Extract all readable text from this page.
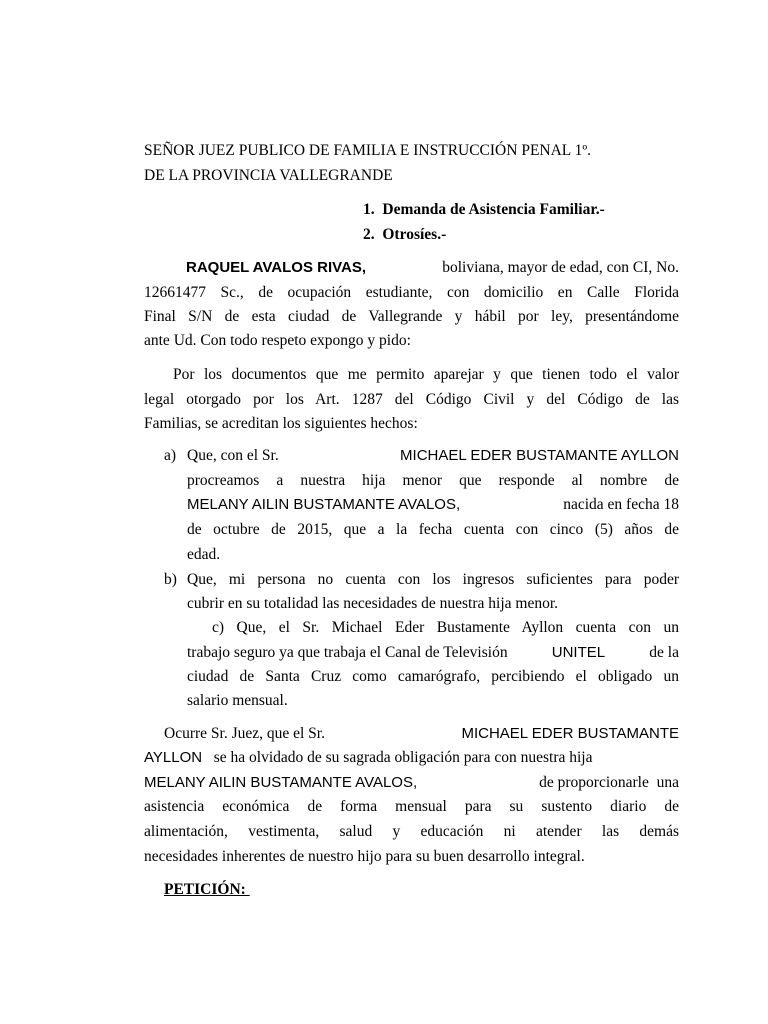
SEÑOR JUEZ PUBLICO DE FAMILIA E INSTRUCCIÓN PENAL 1º.
DE LA PROVINCIA VALLEGRANDE
1. Demanda de Asistencia Familiar.-
2. Otrosíes.-
RAQUEL AVALOS RIVAS,	boliviana, mayor de edad, con CI, No.
12661477 Sc., de ocupación estudiante, con domicilio en Calle Florida
Final S/N de esta ciudad de Vallegrande y hábil por ley, presentándome
ante Ud. Con todo respeto expongo y pido:
Por los documentos que me permito aparejar y que tienen todo el valor
legal otorgado por los Art. 1287 del Código Civil y del Código de las
Familias, se acreditan los siguientes hechos:
a) Que, con el Sr.	MICHAEL EDER BUSTAMANTE AYLLON
procreamos a nuestra hija menor que responde al nombre de
MELANY AILIN BUSTAMANTE AVALOS,	nacida en fecha 18
de octubre de 2015, que a la fecha cuenta con cinco (5) años de
edad.
b) Que, mi persona no cuenta con los ingresos suficientes para poder
cubrir en su totalidad las necesidades de nuestra hija menor.
c) Que, el Sr. Michael Eder Bustamente Ayllon cuenta con un
trabajo seguro ya que trabaja el Canal de Televisión	UNITEL	de la
ciudad de Santa Cruz como camarógrafo, percibiendo el obligado un
salario mensual.
Ocurre Sr. Juez, que el Sr.	MICHAEL EDER BUSTAMANTE
AYLLON se ha olvidado de su sagrada obligación para con nuestra hija
MELANY AILIN BUSTAMANTE AVALOS,	de proporcionarle  una
asistencia económica de forma mensual para su sustento diario de
alimentación, vestimenta, salud y educación ni atender las demás
necesidades inherentes de nuestro hijo para su buen desarrollo integral.
PETICIÓN:
